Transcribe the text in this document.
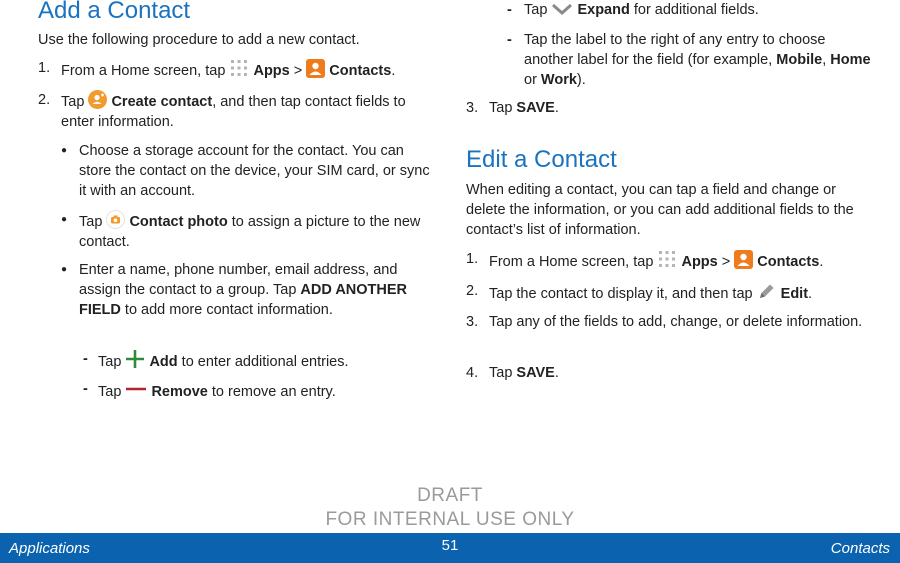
Add a Contact

Use the following procedure to add a new contact.

1. From a Home screen, tap Apps > Contacts.
2. Tap Create contact, and then tap contact fields to enter information.
● Choose a storage account for the contact. You can store the contact on the device, your SIM card, or sync it with an account.
● Tap Contact photo to assign a picture to the new contact.
● Enter a name, phone number, email address, and assign the contact to a group. Tap ADD ANOTHER FIELD to add more contact information.
- Tap Add to enter additional entries.
- Tap Remove to remove an entry.
- Tap Expand for additional fields.
- Tap the label to the right of any entry to choose another label for the field (for example, Mobile, Home or Work).
3. Tap SAVE.
Edit a Contact

When editing a contact, you can tap a field and change or delete the information, or you can add additional fields to the contact’s list of information.

1. From a Home screen, tap Apps > Contacts.
2. Tap the contact to display it, and then tap Edit.
3. Tap any of the fields to add, change, or delete information.
4. Tap SAVE.
DRAFT
FOR INTERNAL USE ONLY
Applications	51	Contacts
